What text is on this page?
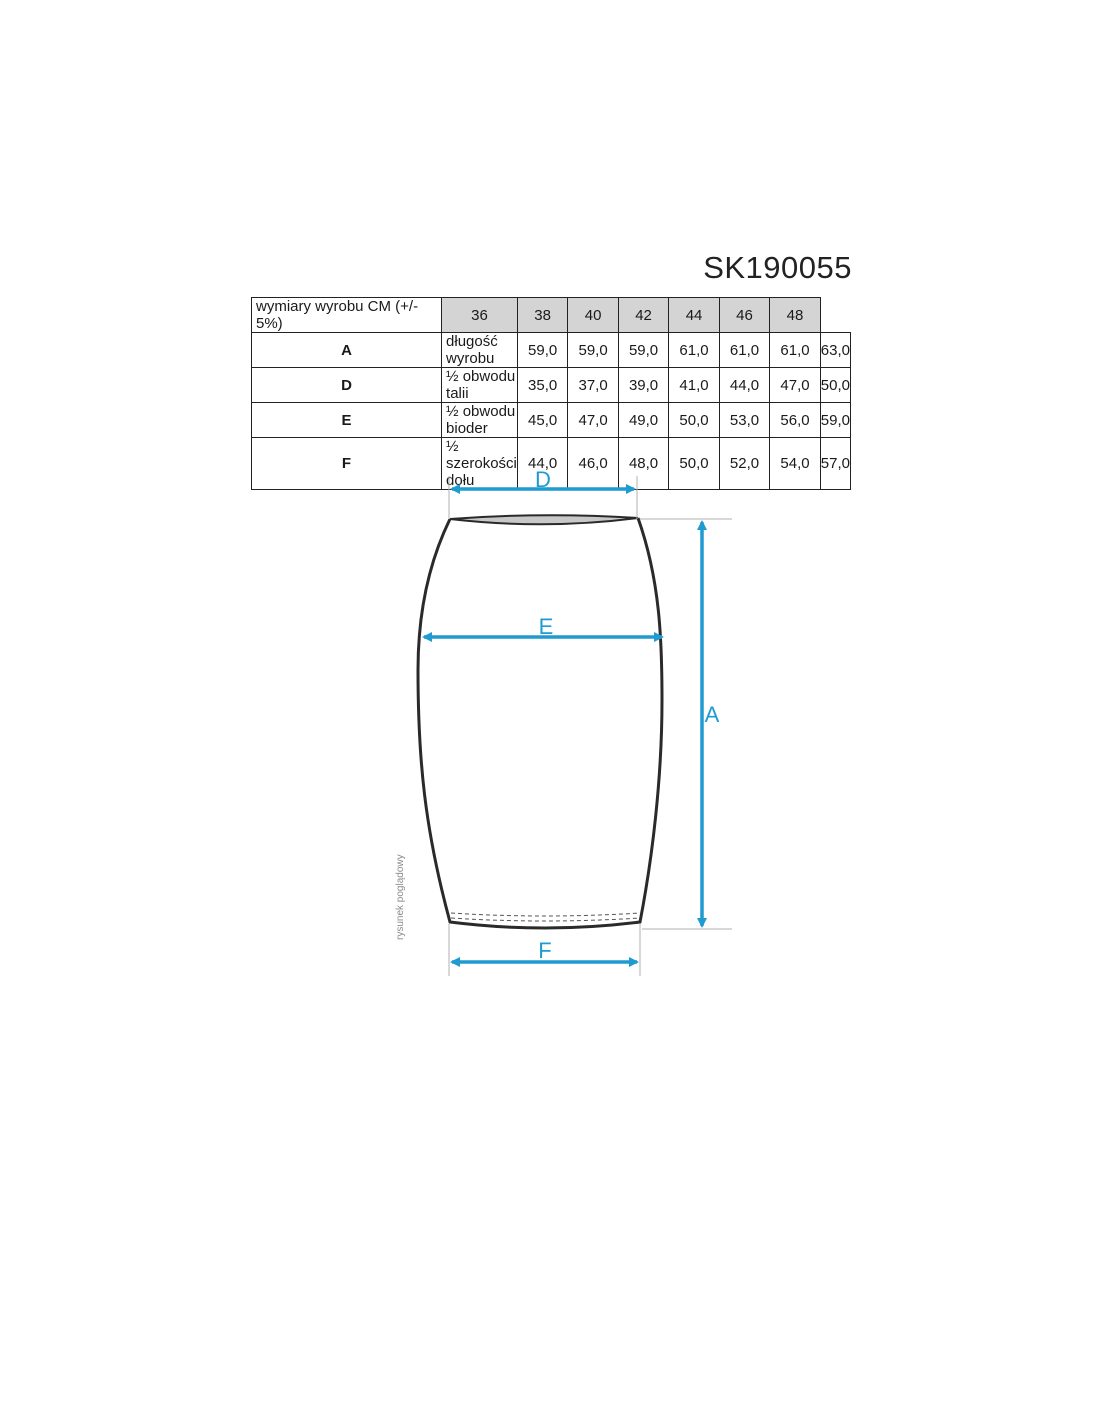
SK190055
wymiary wyrobu CM (+/- 5%)	36	38	40	42	44	46	48	
A	długość wyrobu	59,0	59,0	59,0	61,0	61,0	61,0	63,0
D	½ obwodu talii	35,0	37,0	39,0	41,0	44,0	47,0	50,0
E	½ obwodu bioder	45,0	47,0	49,0	50,0	53,0	56,0	59,0
F	½ szerokości dołu	44,0	46,0	48,0	50,0	52,0	54,0	57,0
D
E
A
F
rysunek poglądowy
